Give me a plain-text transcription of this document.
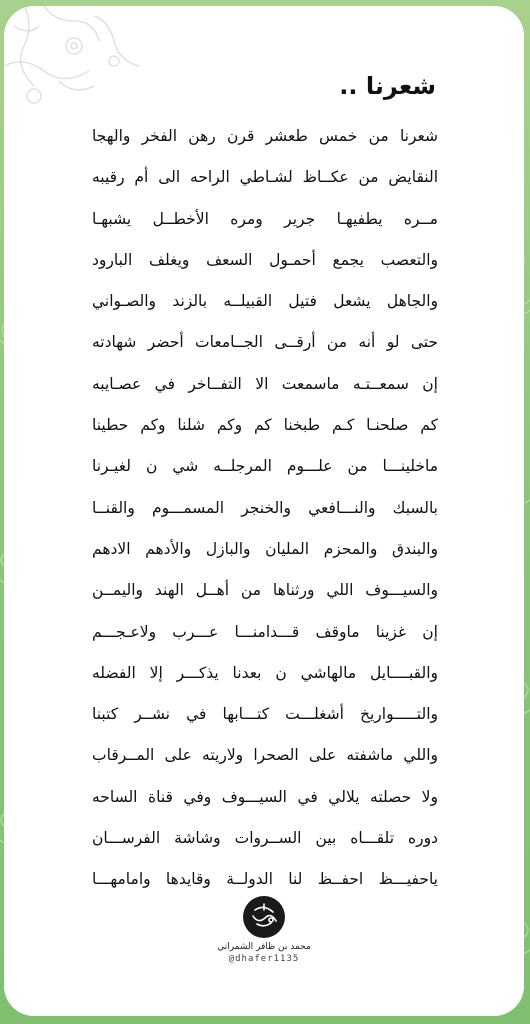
شعرنا ..
شعرنا من خمس طعشر قرن رهن الفخر والهجا
النقايض من عكــاظ لشـاطي الراحه الى أم رقيبه
مــره يطفيهـا جرير ومره الأخطــل يشبهـا
والتعصب يجمع أحمـول السعف ويغلف البارود
والجاهل يشعل فتيل القبيلــه بالزند والصـواني
حتى لو أنه من أرقــى الجــامعات أحضر شهادته
إن سمعــتـه ماسمعت الا التفــاخر في عصـايبه
كم صلحنـا كـم طبخنا كم وكم شلنا وكم حطينا
ماخلينـــا من علـــوم المرجلــه شي ن لغيـرنا
بالسبك والنـــافعي والخنجر المسمـــوم والقنــا
والبندق والمحزم المليان والبازل والأدهم الادهم
والسيـــوف اللي ورثناها من أهــل الهند واليمــن
إن غزينا ماوقف قـــدامنـــا عـــرب ولاعـجـــم
والقبــــايل مالهاشي ن بعدنا يذكـــر إلا الفضله
والتـــــواريخ أشغلـــت كتـــابها في نشــر كتبنا
واللي ماشفته على الصحرا ولاريته على المــرقاب
ولا حصلته يلالي في السيـــوف وفي قناة الساحه
دوره تلقـــاه بين الســروات وشاشة الفرســـان
ياحفيـــظ احفــظ لنا الدولــة وقايدها وامامهـــا
محمد بن ظافر الشمراني
@dhafer1135
